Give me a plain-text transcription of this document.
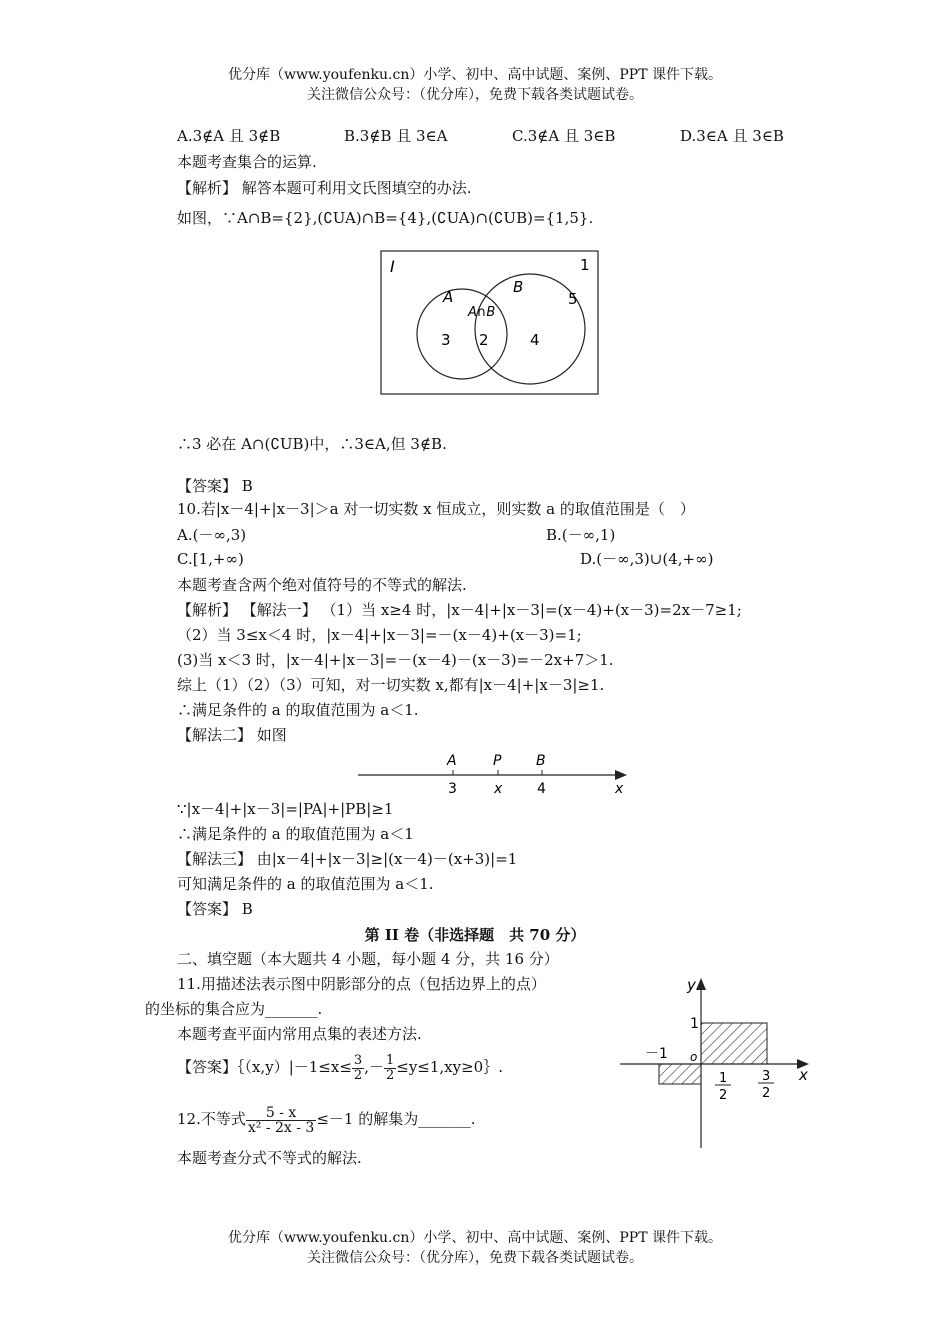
优分库（www.youfenku.cn）小学、初中、高中试题、案例、PPT 课件下载。
关注微信公众号：（优分库），免费下载各类试题试卷。
A.3∉A 且 3∉B	B.3∉B 且 3∈A	C.3∉A 且 3∈B	D.3∈A 且 3∈B
本题考查集合的运算.
【解析】 解答本题可利用文氏图填空的办法.
如图，∵A∩B={2},(∁UA)∩B={4},(∁UA)∩(∁UB)={1,5}.
I	1
A
B
5
A∩B
3 2	4
∴3 必在 A∩(∁UB)中，∴3∈A,但 3∉B.
【答案】 B
10.若|x－4|+|x－3|＞a 对一切实数 x 恒成立，则实数 a 的取值范围是（　）
A.(－∞,3)	B.(－∞,1)
C.[1,+∞)	D.(－∞,3)∪(4,+∞)
本题考查含两个绝对值符号的不等式的解法.
【解析】 【解法一】 （1）当 x≥4 时，|x－4|+|x－3|=(x－4)+(x－3)=2x－7≥1;
（2）当 3≤x＜4 时，|x－4|+|x－3|=－(x－4)+(x－3)=1;
(3)当 x＜3 时，|x－4|+|x－3|=－(x－4)－(x－3)=－2x+7＞1.
综上（1）（2）（3）可知，对一切实数 x,都有|x－4|+|x－3|≥1.
∴满足条件的 a 的取值范围为 a＜1.
【解法二】 如图
A	P B
3	x 4	x
∵|x－4|+|x－3|=|PA|+|PB|≥1
∴满足条件的 a 的取值范围为 a＜1
【解法三】 由|x－4|+|x－3|≥|(x－4)－(x+3)|=1
可知满足条件的 a 的取值范围为 a＜1.
【答案】 B
第 II 卷（非选择题　共 70 分）
二、填空题（本大题共 4 小题，每小题 4 分，共 16 分）
11.用描述法表示图中阴影部分的点（包括边界上的点）
的坐标的集合应为_______.
本题考查平面内常用点集的表述方法.
【答案】｛（x,y）|－1≤x≤ $\frac{3}{2}$ ,－ $\frac{1}{2}$ ≤y≤1,xy≥0｝.
y
x
o
1
－1
1
2
3
2
12.不等式 $\frac{5 - x}{\text{x² - 2x - 3}} \le-1$ 的解集为_______.
本题考查分式不等式的解法.
优分库（www.youfenku.cn）小学、初中、高中试题、案例、PPT 课件下载。
关注微信公众号：（优分库），免费下载各类试题试卷。
